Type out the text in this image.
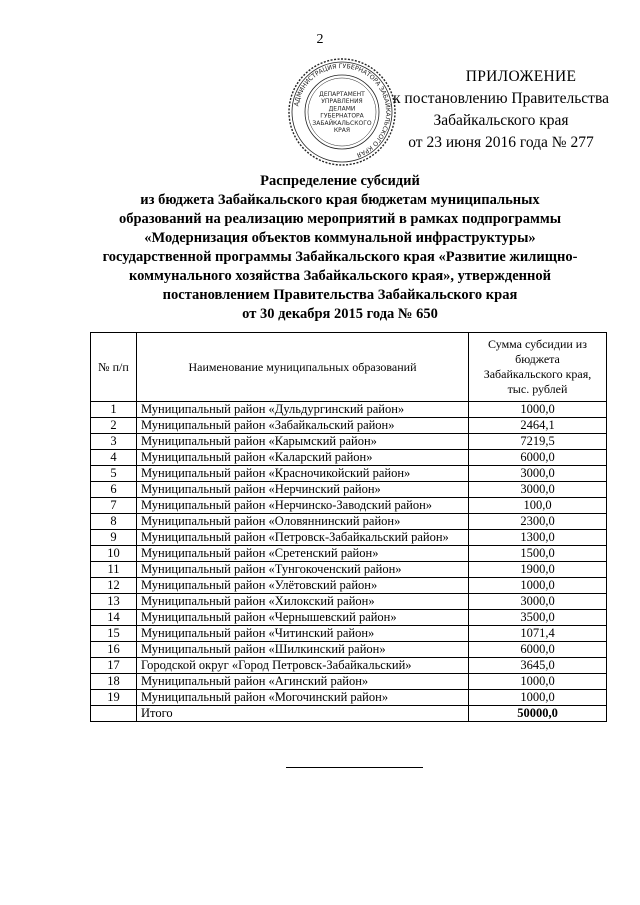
2
АДМИНИСТРАЦИЯ ГУБЕРНАТОРА ЗАБАЙКАЛЬСКОГО КРАЯ
ДЕПАРТАМЕНТ
УПРАВЛЕНИЯ
ДЕЛАМИ
ГУБЕРНАТОРА
ЗАБАЙКАЛЬСКОГО
КРАЯ
ПРИЛОЖЕНИЕ
к постановлению Правительства
Забайкальского края
от 23 июня 2016 года № 277
Распределение субсидий
из бюджета Забайкальского края бюджетам муниципальных
образований на реализацию мероприятий в рамках подпрограммы
«Модернизация объектов коммунальной инфраструктуры»
государственной программы Забайкальского края «Развитие жилищно-
коммунального хозяйства Забайкальского края», утвержденной
постановлением Правительства Забайкальского края
от 30 декабря 2015 года № 650
№ п/п	Наименование муниципальных образований	Сумма субсидии из бюджета Забайкальского края, тыс. рублей
1	Муниципальный район «Дульдургинский район»	1000,0
2	Муниципальный район «Забайкальский район»	2464,1
3	Муниципальный район «Карымский район»	7219,5
4	Муниципальный район «Каларский район»	6000,0
5	Муниципальный район «Красночикойский район»	3000,0
6	Муниципальный район «Нерчинский район»	3000,0
7	Муниципальный район «Нерчинско-Заводский район»	100,0
8	Муниципальный район «Оловяннинский район»	2300,0
9	Муниципальный район «Петровск-Забайкальский район»	1300,0
10	Муниципальный район «Сретенский район»	1500,0
11	Муниципальный район «Тунгокоченский район»	1900,0
12	Муниципальный район «Улётовский район»	1000,0
13	Муниципальный район «Хилокский район»	3000,0
14	Муниципальный район «Чернышевский район»	3500,0
15	Муниципальный район «Читинский район»	1071,4
16	Муниципальный район «Шилкинский район»	6000,0
17	Городской округ «Город Петровск-Забайкальский»	3645,0
18	Муниципальный район «Агинский район»	1000,0
19	Муниципальный район «Могочинский район»	1000,0
	Итого	50000,0
